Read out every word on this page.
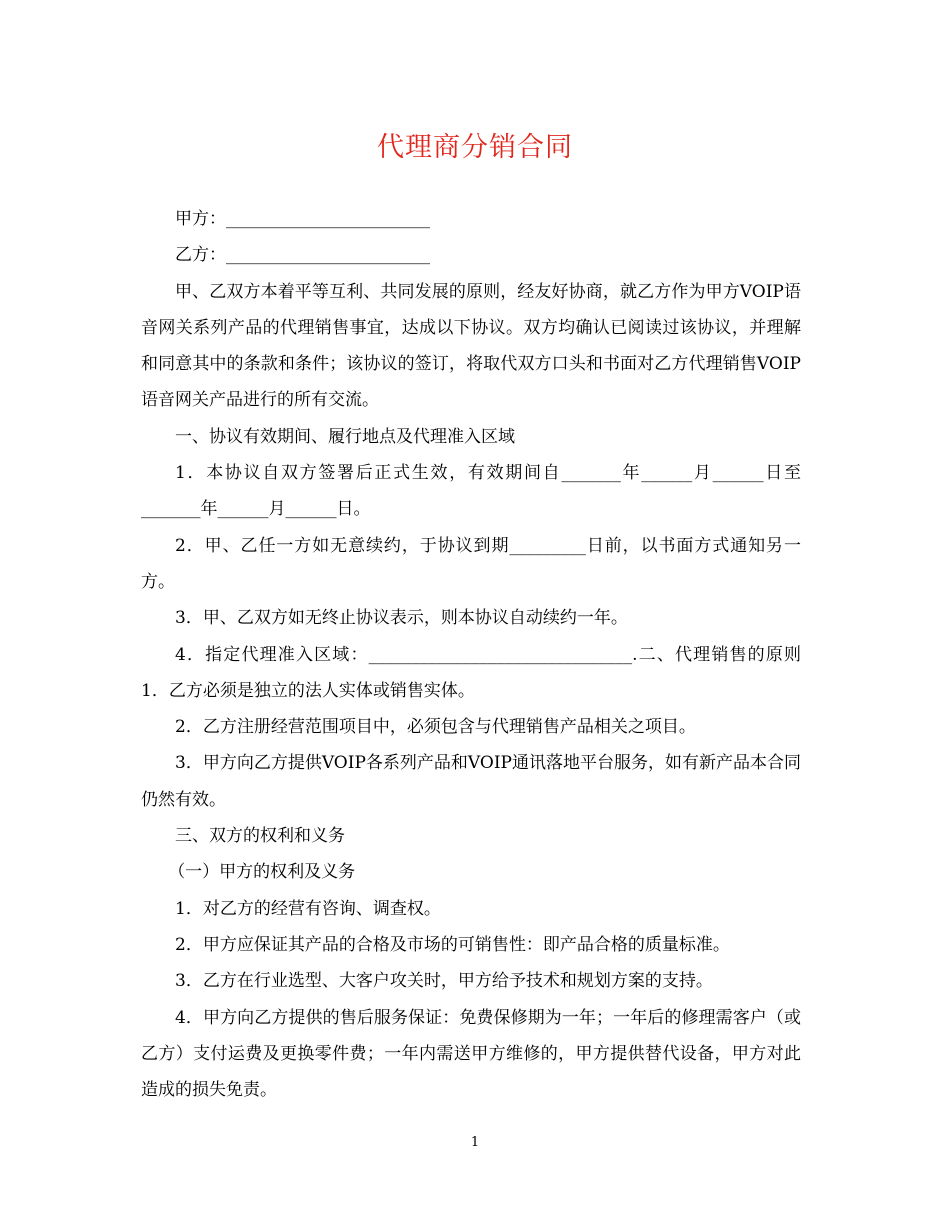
代理商分销合同

甲方：________________________

乙方：________________________

甲、乙双方本着平等互利、共同发展的原则，经友好协商，就乙方作为甲方VOIP语音网关系列产品的代理销售事宜，达成以下协议。双方均确认已阅读过该协议，并理解和同意其中的条款和条件；该协议的签订，将取代双方口头和书面对乙方代理销售VOIP语音网关产品进行的所有交流。

一、协议有效期间、履行地点及代理准入区域

1．本协议自双方签署后正式生效，有效期间自_______年______月______日至_______年______月______日。

2．甲、乙任一方如无意续约，于协议到期_________日前，以书面方式通知另一方。

3．甲、乙双方如无终止协议表示，则本协议自动续约一年。

4．指定代理准入区域：_______________________________.二、代理销售的原则1．乙方必须是独立的法人实体或销售实体。

2．乙方注册经营范围项目中，必须包含与代理销售产品相关之项目。

3．甲方向乙方提供VOIP各系列产品和VOIP通讯落地平台服务，如有新产品本合同仍然有效。

三、双方的权利和义务

（一）甲方的权利及义务

1．对乙方的经营有咨询、调查权。

2．甲方应保证其产品的合格及市场的可销售性：即产品合格的质量标准。

3．乙方在行业选型、大客户攻关时，甲方给予技术和规划方案的支持。

4．甲方向乙方提供的售后服务保证：免费保修期为一年；一年后的修理需客户（或乙方）支付运费及更换零件费；一年内需送甲方维修的，甲方提供替代设备，甲方对此造成的损失免责。

1
